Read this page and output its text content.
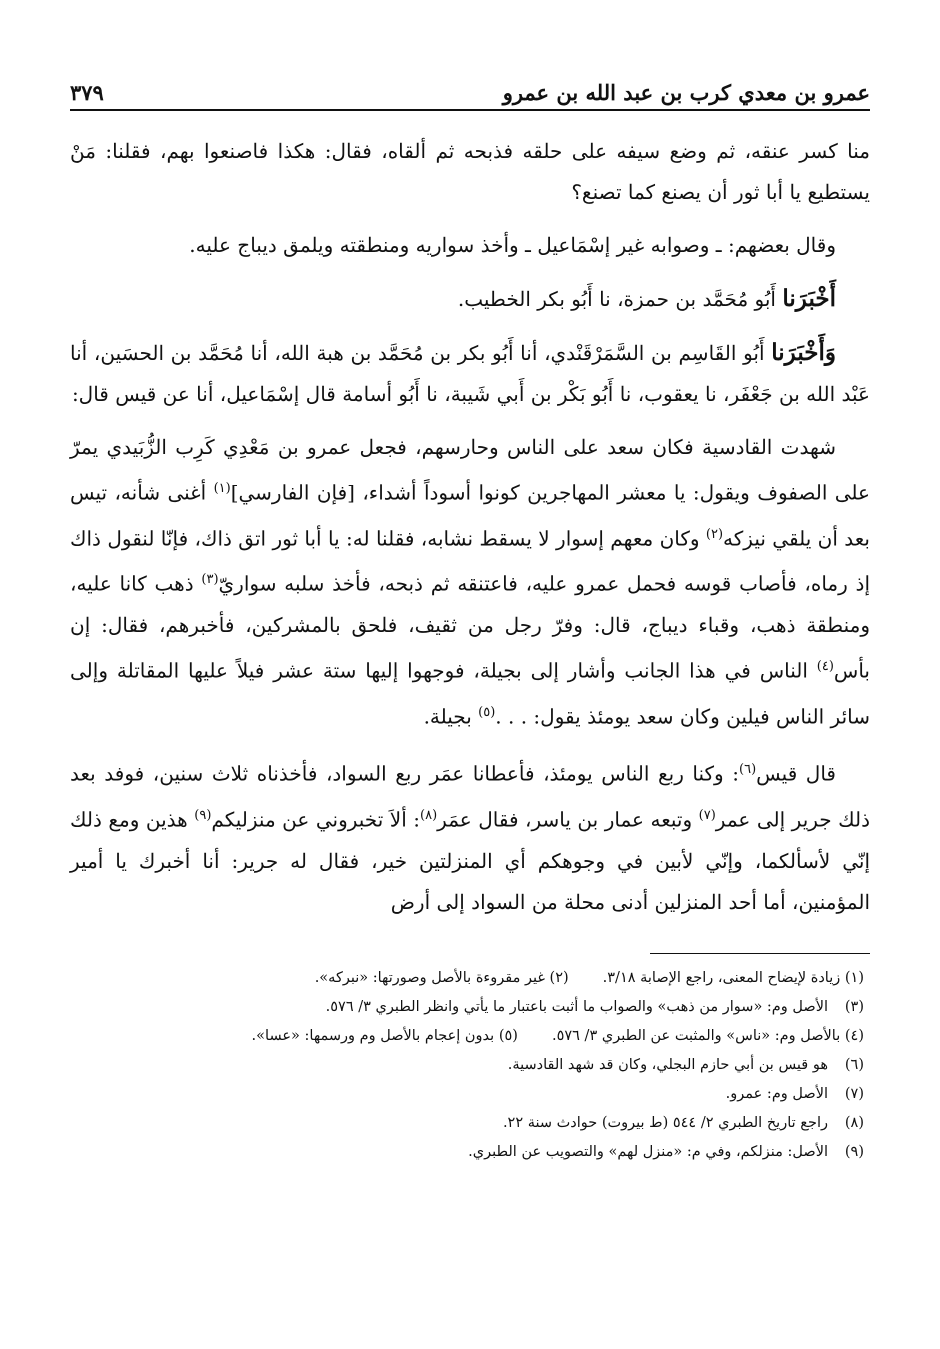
عمرو بن معدي كرب بن عبد الله بن عمرو
٣٧٩

منا كسر عنقه، ثم وضع سيفه على حلقه فذبحه ثم ألقاه، فقال: هكذا فاصنعوا بهم، فقلنا: مَنْ يستطيع يا أبا ثور أن يصنع كما تصنع؟

وقال بعضهم: ـ وصوابه غير إسْمَاعيل ـ وأخذ سواريه ومنطقته ويلمق ديباج عليه.

أَخْبَرَنا أَبُو مُحَمَّد بن حمزة، نا أَبُو بكر الخطيب.

وَأَخْبَرَنا أَبُو القَاسِم بن السَّمَرْقَنْدي، أنا أَبُو بكر بن مُحَمَّد بن هبة الله، أنا مُحَمَّد بن الحسَين، أنا عَبْد الله بن جَعْفَر، نا يعقوب، نا أَبُو بَكْر بن أَبي شَيبة، نا أَبُو أسامة قال إسْمَاعيل، أنا عن قيس قال:

شهدت القادسية فكان سعد على الناس وحارسهم، فجعل عمرو بن مَعْدِي كَرِب الزُّبَيدي يمرّ على الصفوف ويقول: يا معشر المهاجرين كونوا أسوداً أشداء، [فإن الفارسي]$^{(١)}$ أغنى شأنه، تيس بعد أن يلقي نيزكه$^{(٢)}$ وكان معهم إسوار لا يسقط نشابه، فقلنا له: يا أبا ثور اتق ذاك، فإنّا لنقول ذاك إذ رماه، فأصاب قوسه فحمل عمرو عليه، فاعتنقه ثم ذبحه، فأخذ سلبه سواريّ$^{(٣)}$ ذهب كانا عليه، ومنطقة ذهب، وقباء ديباج، قال: وفرّ رجل من ثقيف، فلحق بالمشركين، فأخبرهم، فقال: إن بأس$^{(٤)}$ الناس في هذا الجانب وأشار إلى بجيلة، فوجهوا إليها ستة عشر فيلاً عليها المقاتلة وإلى سائر الناس فيلين وكان سعد يومئذ يقول: . . .$^{(٥)}$ بجيلة.

قال قيس$^{(٦)}$: وكنا ربع الناس يومئذ، فأعطانا عمَر ربع السواد، فأخذناه ثلاث سنين، فوفد بعد ذلك جرير إلى عمر$^{(٧)}$ وتبعه عمار بن ياسر، فقال عمَر$^{(٨)}$: ألاَ تخبروني عن منزليكم$^{(٩)}$ هذين ومع ذلك إنّي لأسألكما، وإنّي لأبين في وجوهكم أي المنزلتين خير، فقال له جرير: أنا أخبرك يا أمير المؤمنين، أما أحد المنزلين أدنى محلة من السواد إلى أرض

(١) زيادة لإيضاح المعنى، راجع الإصابة ٣/١٨.
(٢) غير مقروءة بالأصل وصورتها: «نبركه».
(٣)
الأصل وم: «سوار من ذهب» والصواب ما أثبت باعتبار ما يأتي وانظر الطبري ٣/ ٥٧٦.
(٤) بالأصل وم: «ناس» والمثبت عن الطبري ٣/ ٥٧٦.
(٥) بدون إعجام بالأصل وم ورسمها: «عسا».
(٦)
هو قيس بن أبي حازم البجلي، وكان قد شهد القادسية.
(٧)
الأصل وم: عمرو.
(٨)
راجع تاريخ الطبري ٢/ ٥٤٤ (ط بيروت) حوادث سنة ٢٢.
(٩)
الأصل: منزلكم، وفي م: «منزل لهم» والتصويب عن الطبري.
